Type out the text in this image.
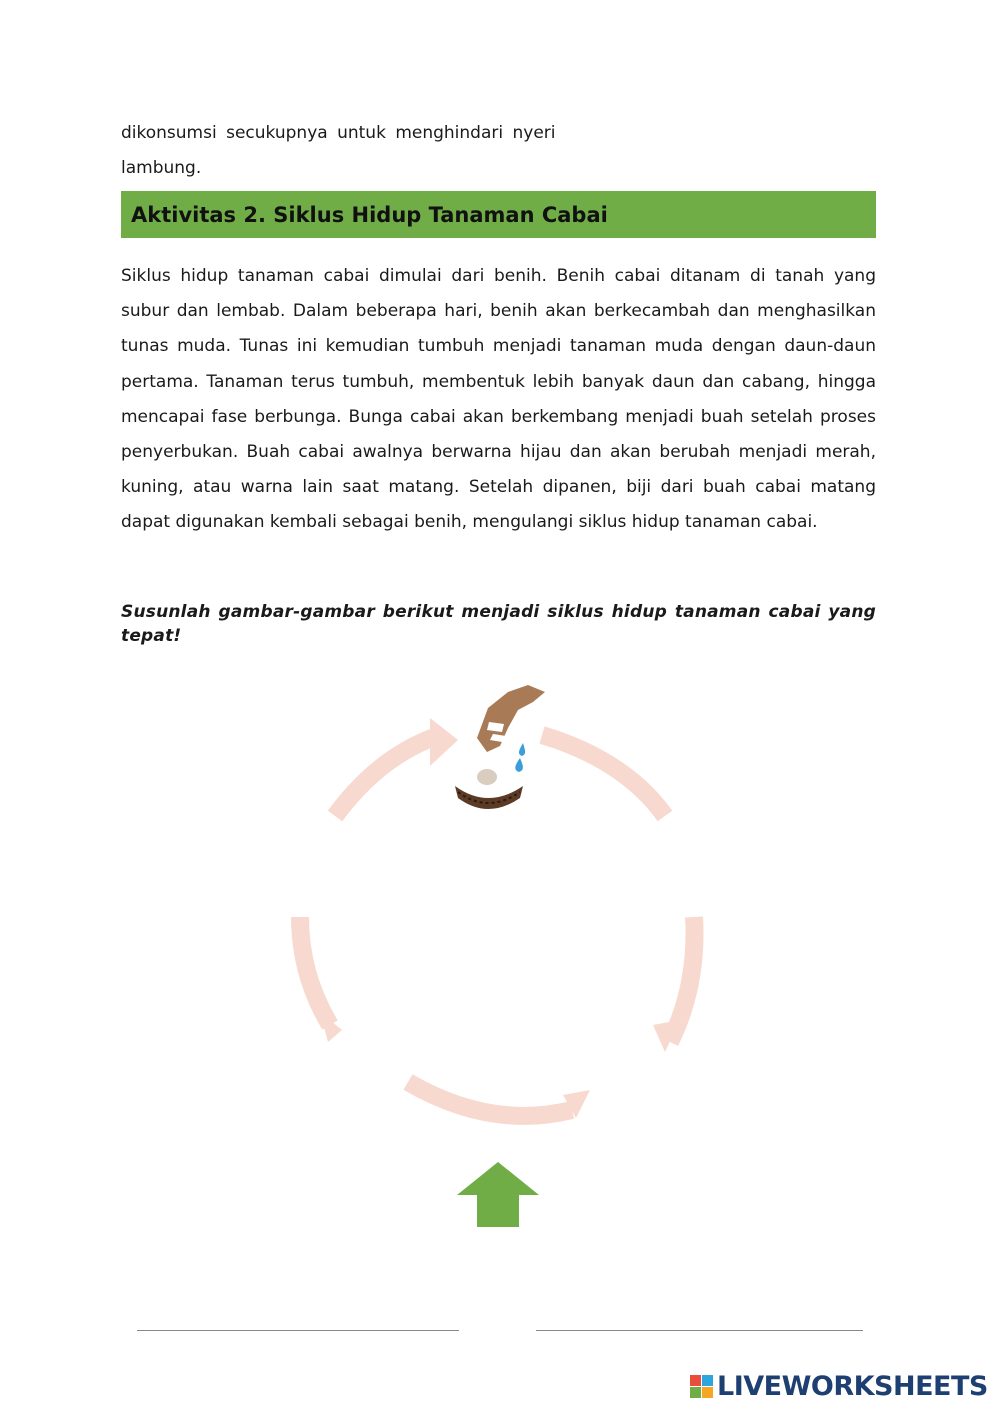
dikonsumsi secukupnya untuk menghindari nyeri
lambung.
Aktivitas 2. Siklus Hidup Tanaman Cabai

Siklus hidup tanaman cabai dimulai dari benih. Benih cabai ditanam di tanah yang subur dan lembab. Dalam beberapa hari, benih akan berkecambah dan menghasilkan tunas muda. Tunas ini kemudian tumbuh menjadi tanaman muda dengan daun-daun pertama. Tanaman terus tumbuh, membentuk lebih banyak daun dan cabang, hingga mencapai fase berbunga. Bunga cabai akan berkembang menjadi buah setelah proses penyerbukan. Buah cabai awalnya berwarna hijau dan akan berubah menjadi merah, kuning, atau warna lain saat matang. Setelah dipanen, biji dari buah cabai matang dapat digunakan kembali sebagai benih, mengulangi siklus hidup tanaman cabai.

Susunlah gambar-gambar berikut menjadi siklus hidup tanaman cabai yang tepat!

LIVEWORKSHEETS
